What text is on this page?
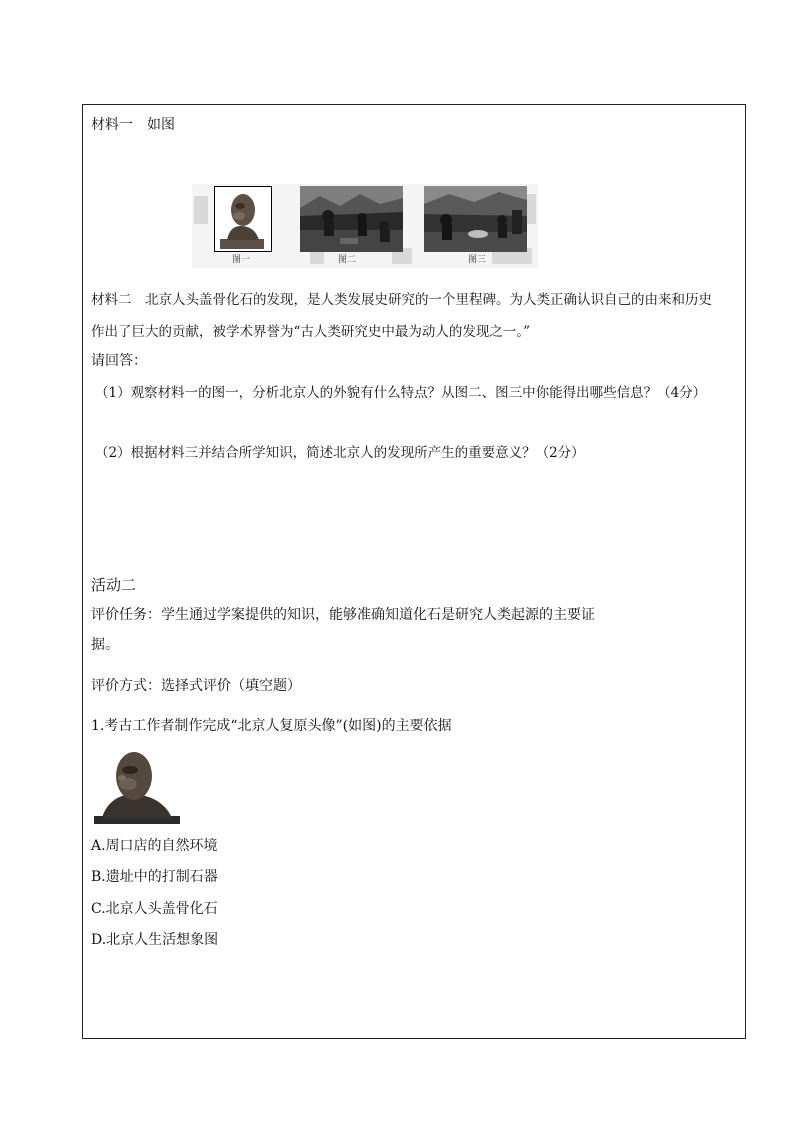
材料一　如图
图一	图二	图三
材料二　北京人头盖骨化石的发现，是人类发展史研究的一个里程碑。为人类正确认识自己的由来和历史
作出了巨大的贡献，被学术界誉为“古人类研究史中最为动人的发现之一。”
请回答：
（1）观察材料一的图一，分析北京人的外貌有什么特点？从图二、图三中你能得出哪些信息？（4分）
（2）根据材料三并结合所学知识，简述北京人的发现所产生的重要意义？（2分）
活动二
评价任务：学生通过学案提供的知识，能够准确知道化石是研究人类起源的主要证
据。
评价方式：选择式评价（填空题）
1.考古工作者制作完成“北京人复原头像”(如图)的主要依据
A.周口店的自然环境
B.遗址中的打制石器
C.北京人头盖骨化石
D.北京人生活想象图
